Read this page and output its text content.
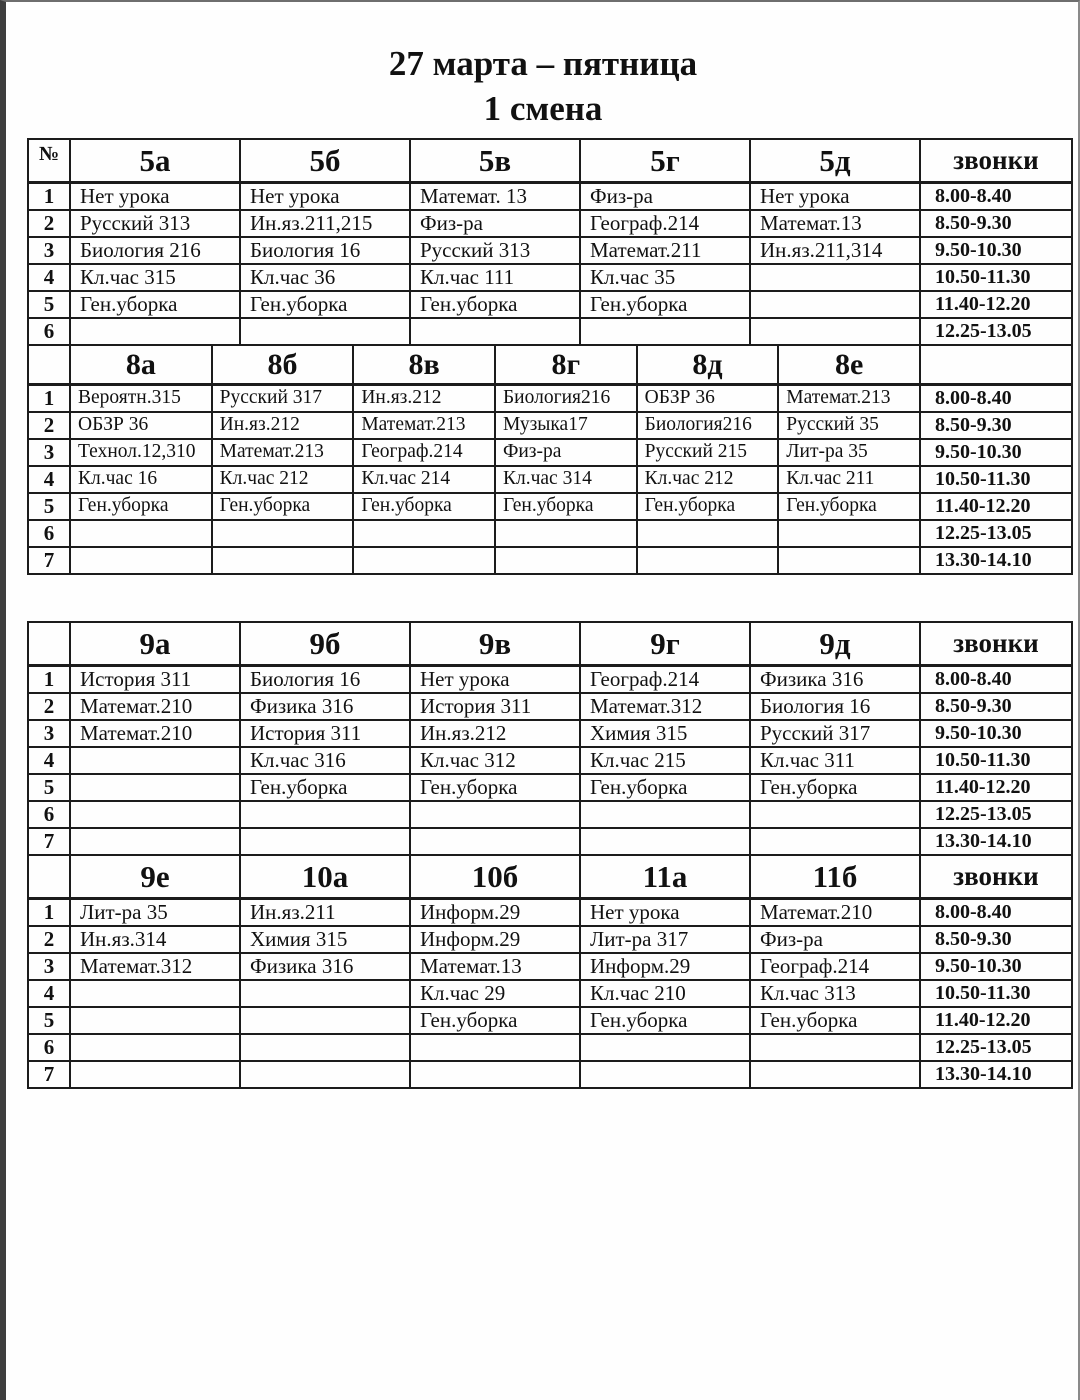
27 марта – пятница
1 смена
№	5а	5б	5в	5г	5д	звонки
1	Нет урока	Нет урока	Математ. 13	Физ-ра	Нет урока	8.00-8.40
2	Русский 313	Ин.яз.211,215	Физ-ра	Географ.214	Математ.13	8.50-9.30
3	Биология 216	Биология 16	Русский 313	Математ.211	Ин.яз.211,314	9.50-10.30
4	Кл.час 315	Кл.час 36	Кл.час 111	Кл.час 35		10.50-11.30
5	Ген.уборка	Ген.уборка	Ген.уборка	Ген.уборка		11.40-12.20
6						12.25-13.05
	8а	8б	8в	8г	8д	8е	
1	Вероятн.315	Русский 317	Ин.яз.212	Биология216	ОБЗР 36	Математ.213	8.00-8.40
2	ОБЗР 36	Ин.яз.212	Математ.213	Музыка17	Биология216	Русский 35	8.50-9.30
3	Технол.12,310	Математ.213	Географ.214	Физ-ра	Русский 215	Лит-ра 35	9.50-10.30
4	Кл.час 16	Кл.час 212	Кл.час 214	Кл.час 314	Кл.час 212	Кл.час 211	10.50-11.30
5	Ген.уборка	Ген.уборка	Ген.уборка	Ген.уборка	Ген.уборка	Ген.уборка	11.40-12.20
6							12.25-13.05
7							13.30-14.10
	9а	9б	9в	9г	9д	звонки
1	История 311	Биология 16	Нет урока	Географ.214	Физика 316	8.00-8.40
2	Математ.210	Физика 316	История 311	Математ.312	Биология 16	8.50-9.30
3	Математ.210	История 311	Ин.яз.212	Химия 315	Русский 317	9.50-10.30
4		Кл.час 316	Кл.час 312	Кл.час 215	Кл.час 311	10.50-11.30
5		Ген.уборка	Ген.уборка	Ген.уборка	Ген.уборка	11.40-12.20
6						12.25-13.05
7						13.30-14.10
	9е	10а	10б	11а	11б	звонки
1	Лит-ра 35	Ин.яз.211	Информ.29	Нет урока	Математ.210	8.00-8.40
2	Ин.яз.314	Химия 315	Информ.29	Лит-ра 317	Физ-ра	8.50-9.30
3	Математ.312	Физика 316	Математ.13	Информ.29	Географ.214	9.50-10.30
4			Кл.час 29	Кл.час 210	Кл.час 313	10.50-11.30
5			Ген.уборка	Ген.уборка	Ген.уборка	11.40-12.20
6						12.25-13.05
7						13.30-14.10
